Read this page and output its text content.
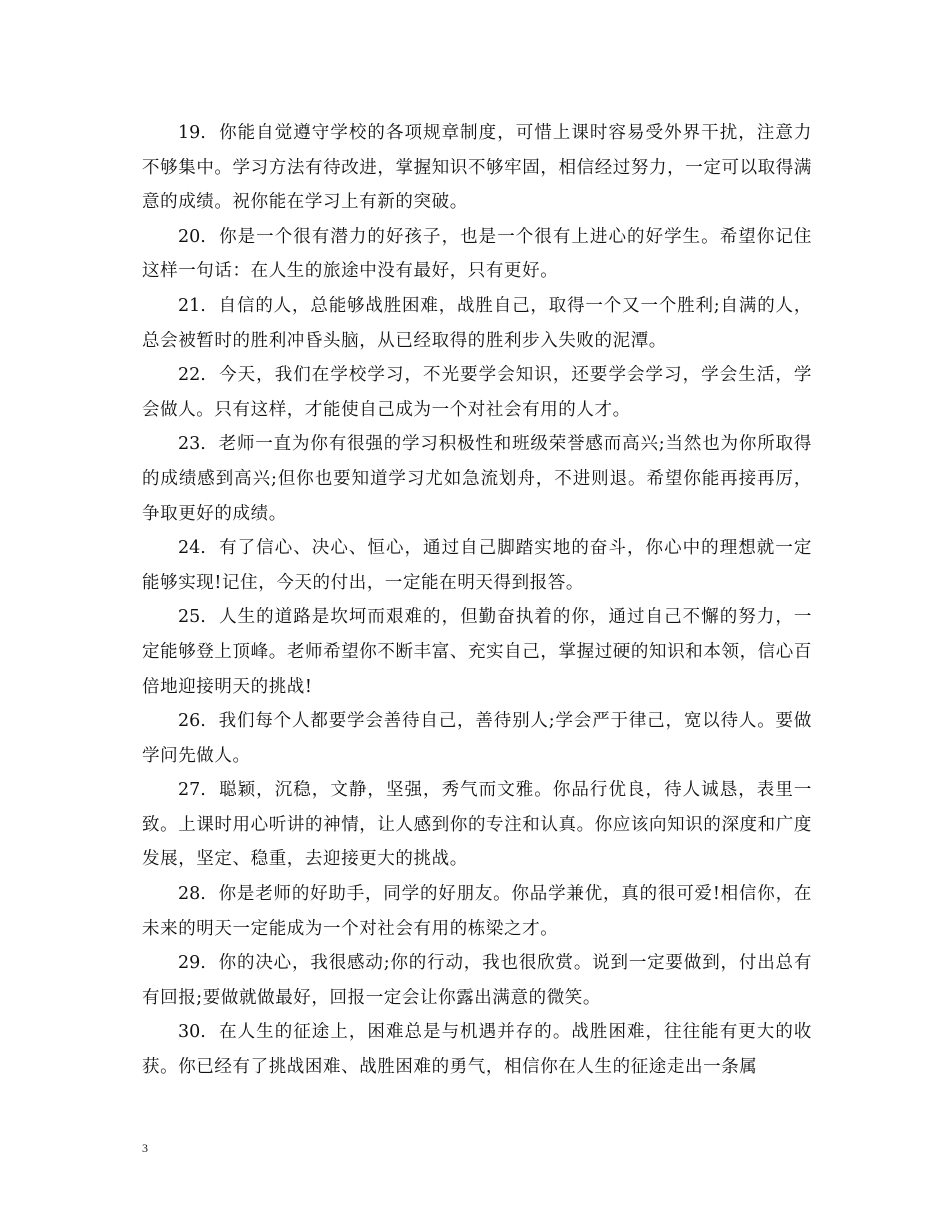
19. 你能自觉遵守学校的各项规章制度，可惜上课时容易受外界干扰，注意力不够集中。学习方法有待改进，掌握知识不够牢固，相信经过努力，一定可以取得满意的成绩。祝你能在学习上有新的突破。

20. 你是一个很有潜力的好孩子，也是一个很有上进心的好学生。希望你记住这样一句话：在人生的旅途中没有最好，只有更好。

21. 自信的人，总能够战胜困难，战胜自己，取得一个又一个胜利;自满的人，总会被暂时的胜利冲昏头脑，从已经取得的胜利步入失败的泥潭。

22. 今天，我们在学校学习，不光要学会知识，还要学会学习，学会生活，学会做人。只有这样，才能使自己成为一个对社会有用的人才。

23. 老师一直为你有很强的学习积极性和班级荣誉感而高兴;当然也为你所取得的成绩感到高兴;但你也要知道学习尤如急流划舟，不进则退。希望你能再接再厉，争取更好的成绩。

24. 有了信心、决心、恒心，通过自己脚踏实地的奋斗，你心中的理想就一定能够实现!记住，今天的付出，一定能在明天得到报答。

25. 人生的道路是坎坷而艰难的，但勤奋执着的你，通过自己不懈的努力，一定能够登上顶峰。老师希望你不断丰富、充实自己，掌握过硬的知识和本领，信心百倍地迎接明天的挑战!

26. 我们每个人都要学会善待自己，善待别人;学会严于律己，宽以待人。要做学问先做人。

27. 聪颖，沉稳，文静，坚强，秀气而文雅。你品行优良，待人诚恳，表里一致。上课时用心听讲的神情，让人感到你的专注和认真。你应该向知识的深度和广度发展，坚定、稳重，去迎接更大的挑战。

28. 你是老师的好助手，同学的好朋友。你品学兼优，真的很可爱!相信你，在未来的明天一定能成为一个对社会有用的栋梁之才。

29. 你的决心，我很感动;你的行动，我也很欣赏。说到一定要做到，付出总有有回报;要做就做最好，回报一定会让你露出满意的微笑。

30. 在人生的征途上，困难总是与机遇并存的。战胜困难，往往能有更大的收获。你已经有了挑战困难、战胜困难的勇气，相信你在人生的征途走出一条属

3
